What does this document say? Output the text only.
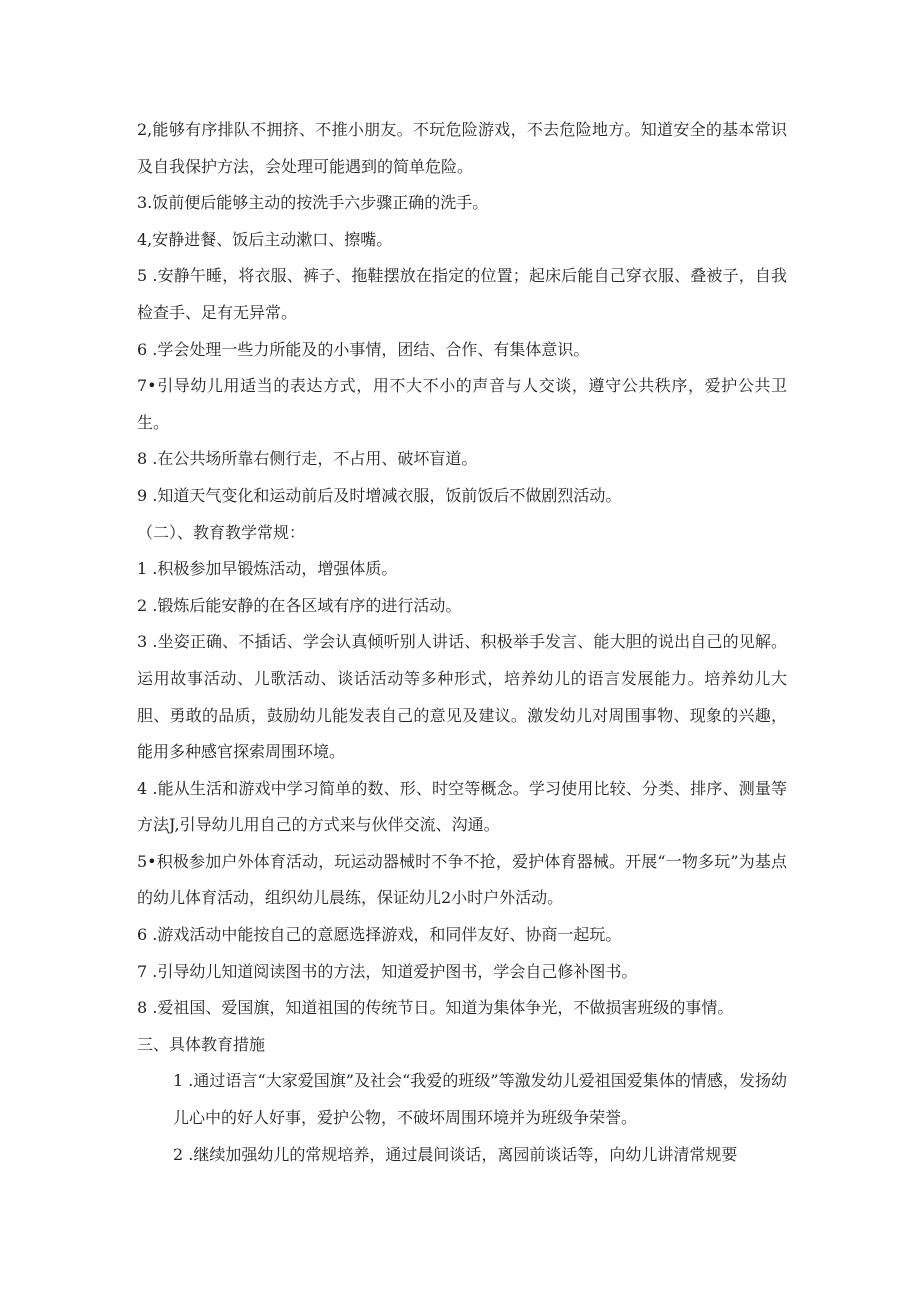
2,能够有序排队不拥挤、不推小朋友。不玩危险游戏，不去危险地方。知道安全的基本常识及自我保护方法，会处理可能遇到的简单危险。

3.饭前便后能够主动的按洗手六步骤正确的洗手。

4,安静进餐、饭后主动漱口、擦嘴。

5 .安静午睡，将衣服、裤子、拖鞋摆放在指定的位置；起床后能自己穿衣服、叠被子，自我检查手、足有无异常。

6 .学会处理一些力所能及的小事情，团结、合作、有集体意识。

7•引导幼儿用适当的表达方式，用不大不小的声音与人交谈，遵守公共秩序，爱护公共卫生。

8 .在公共场所靠右侧行走，不占用、破坏盲道。

9 .知道天气变化和运动前后及时增减衣服，饭前饭后不做剧烈活动。

（二）、教育教学常规：

1 .积极参加早锻炼活动，增强体质。

2 .锻炼后能安静的在各区域有序的进行活动。

3 .坐姿正确、不插话、学会认真倾听别人讲话、积极举手发言、能大胆的说出自己的见解。运用故事活动、儿歌活动、谈话活动等多种形式，培养幼儿的语言发展能力。培养幼儿大胆、勇敢的品质，鼓励幼儿能发表自己的意见及建议。激发幼儿对周围事物、现象的兴趣，能用多种感官探索周围环境。

4 .能从生活和游戏中学习简单的数、形、时空等概念。学习使用比较、分类、排序、测量等方法J,引导幼儿用自己的方式来与伙伴交流、沟通。

5•积极参加户外体育活动，玩运动器械时不争不抢，爱护体育器械。开展“一物多玩”为基点的幼儿体育活动，组织幼儿晨练，保证幼儿2小时户外活动。

6 .游戏活动中能按自己的意愿选择游戏，和同伴友好、协商一起玩。

7 .引导幼儿知道阅读图书的方法，知道爱护图书，学会自己修补图书。

8 .爱祖国、爱国旗，知道祖国的传统节日。知道为集体争光，不做损害班级的事情。

三、具体教育措施

1 .通过语言“大家爱国旗”及社会“我爱的班级”等激发幼儿爱祖国爱集体的情感，发扬幼儿心中的好人好事，爱护公物，不破坏周围环境并为班级争荣誉。

2 .继续加强幼儿的常规培养，通过晨间谈话，离园前谈话等，向幼儿讲清常规要
